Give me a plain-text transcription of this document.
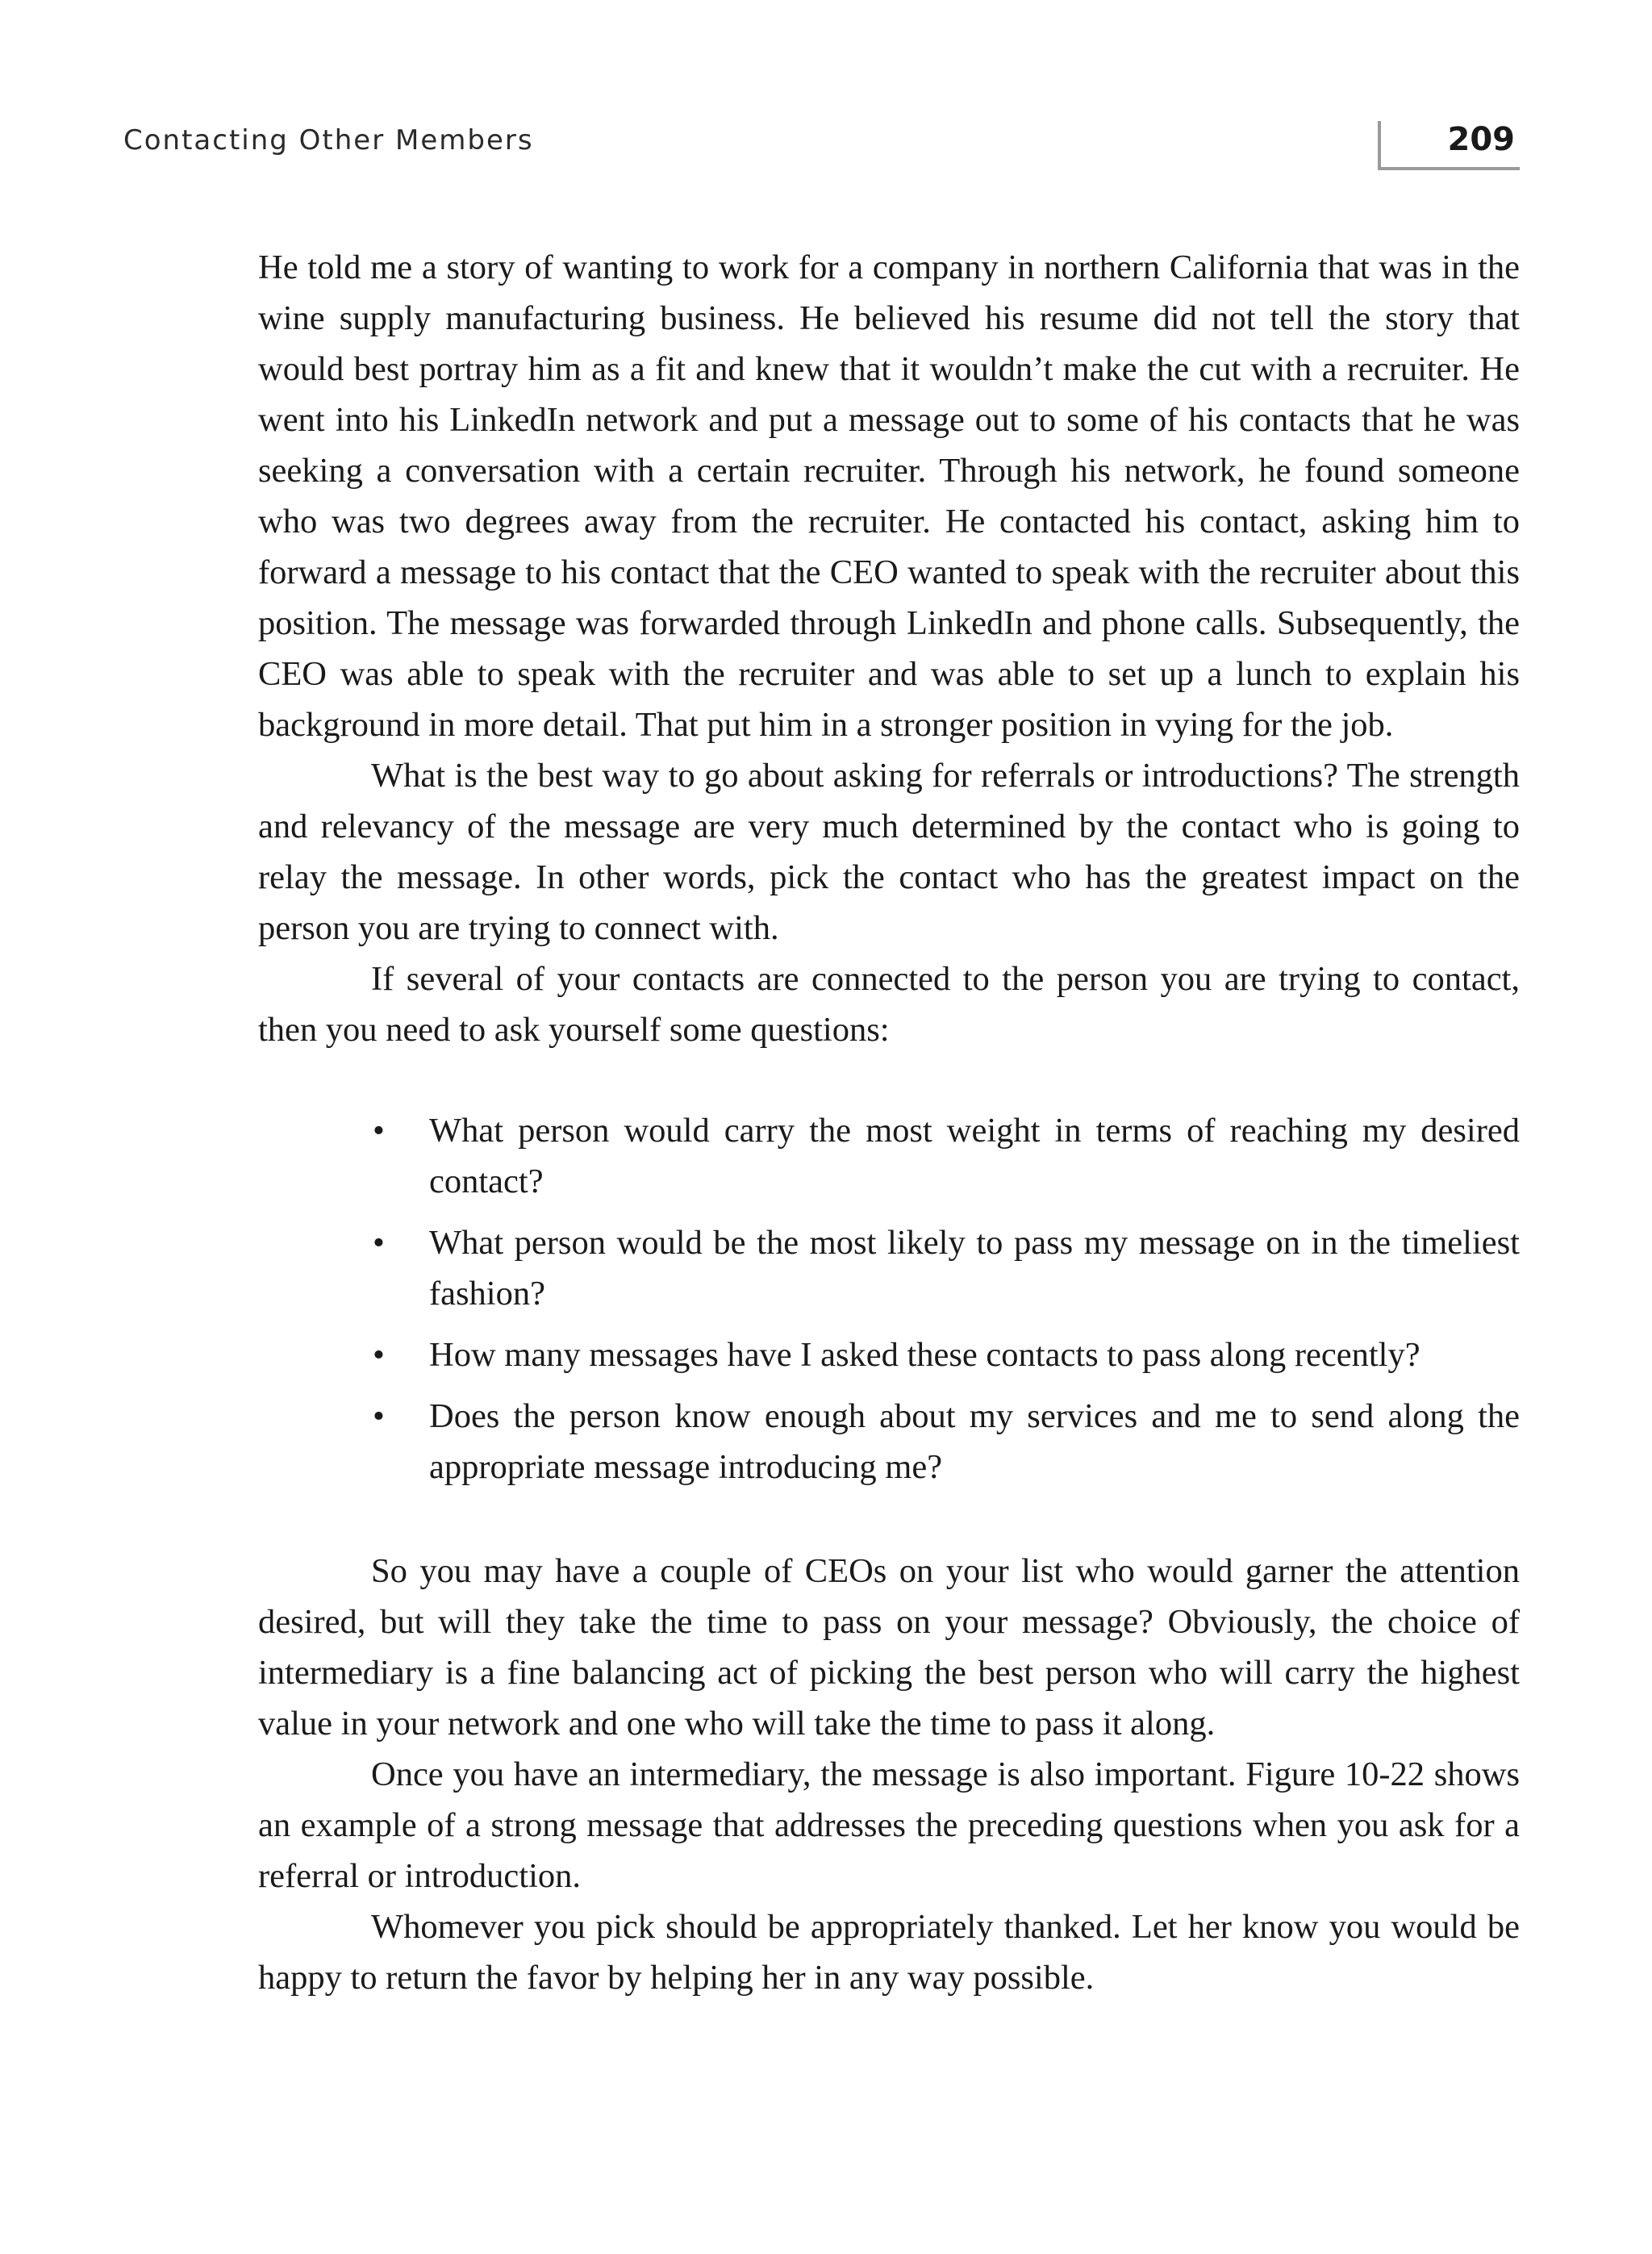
Contacting Other Members	209

He told me a story of wanting to work for a company in northern California that was in the wine supply manufacturing business. He believed his resume did not tell the story that would best portray him as a fit and knew that it wouldn’t make the cut with a recruiter. He went into his LinkedIn network and put a message out to some of his contacts that he was seeking a conversation with a certain recruiter. Through his network, he found someone who was two degrees away from the recruiter. He contacted his contact, asking him to forward a message to his contact that the CEO wanted to speak with the recruiter about this position. The message was forwarded through LinkedIn and phone calls. Subsequently, the CEO was able to speak with the recruiter and was able to set up a lunch to explain his background in more detail. That put him in a stronger position in vying for the job.

What is the best way to go about asking for referrals or introductions? The strength and relevancy of the message are very much determined by the contact who is going to relay the message. In other words, pick the contact who has the greatest impact on the person you are trying to connect with.

If several of your contacts are connected to the person you are trying to contact, then you need to ask yourself some questions:

• What person would carry the most weight in terms of reaching my desired contact?
• What person would be the most likely to pass my message on in the timeliest fashion?
• How many messages have I asked these contacts to pass along recently?
• Does the person know enough about my services and me to send along the appropriate message introducing me?

So you may have a couple of CEOs on your list who would garner the attention desired, but will they take the time to pass on your message? Obviously, the choice of intermediary is a fine balancing act of picking the best person who will carry the highest value in your network and one who will take the time to pass it along.

Once you have an intermediary, the message is also important. Figure 10-22 shows an example of a strong message that addresses the preceding questions when you ask for a referral or introduction.

Whomever you pick should be appropriately thanked. Let her know you would be happy to return the favor by helping her in any way possible.
